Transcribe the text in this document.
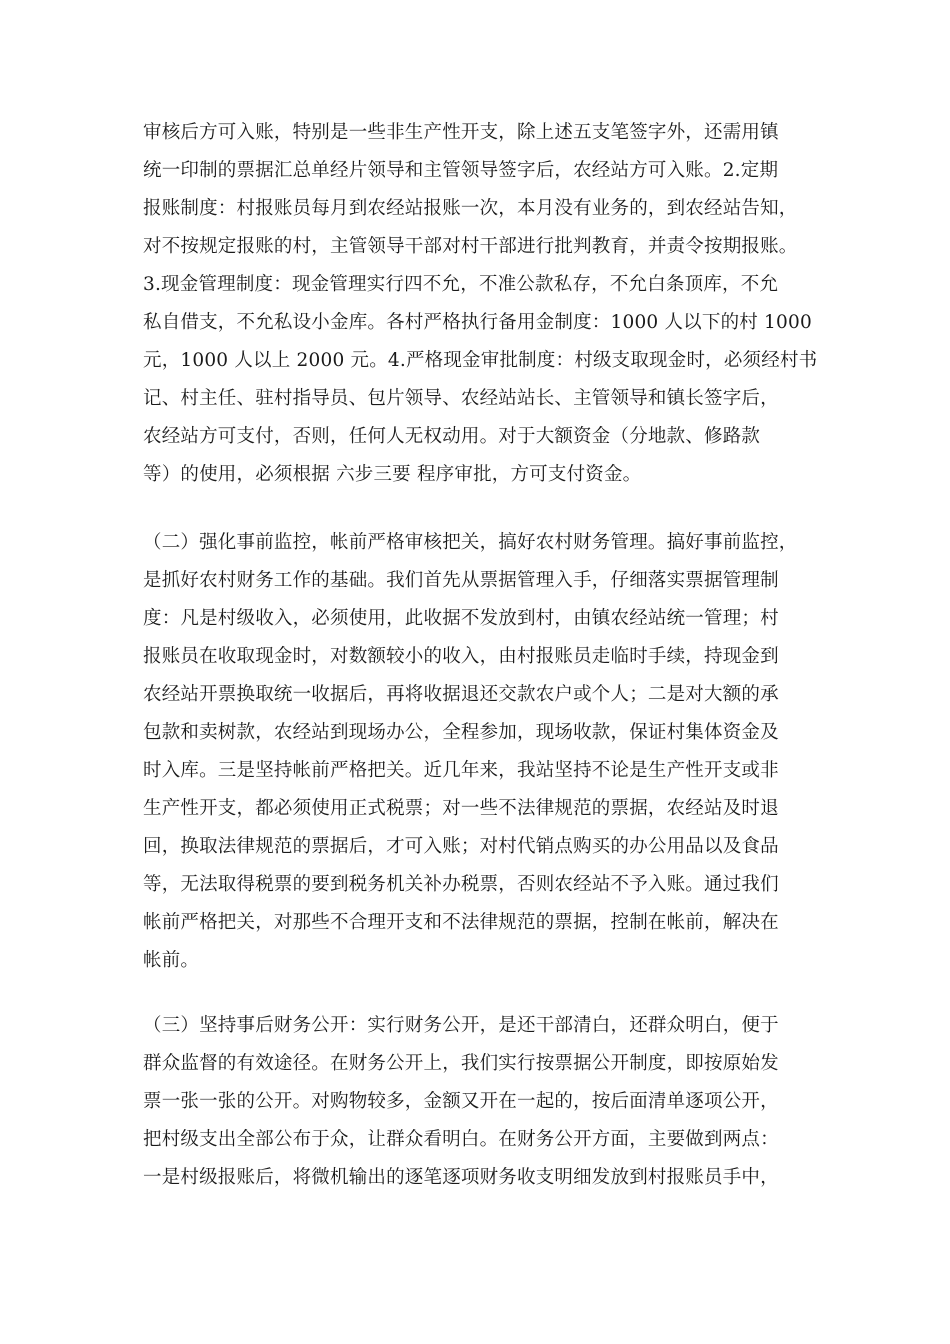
审核后方可入账，特别是一些非生产性开支，除上述五支笔签字外，还需用镇
统一印制的票据汇总单经片领导和主管领导签字后，农经站方可入账。2.定期
报账制度：村报账员每月到农经站报账一次，本月没有业务的，到农经站告知，
对不按规定报账的村，主管领导干部对村干部进行批判教育，并责令按期报账。
3.现金管理制度：现金管理实行四不允，不准公款私存，不允白条顶库，不允
私自借支，不允私设小金库。各村严格执行备用金制度：1000 人以下的村 1000
元，1000 人以上 2000 元。4.严格现金审批制度：村级支取现金时，必须经村书
记、村主任、驻村指导员、包片领导、农经站站长、主管领导和镇长签字后，
农经站方可支付，否则，任何人无权动用。对于大额资金（分地款、修路款
等）的使用，必须根据 六步三要 程序审批，方可支付资金。
（二）强化事前监控，帐前严格审核把关，搞好农村财务管理。搞好事前监控，
是抓好农村财务工作的基础。我们首先从票据管理入手，仔细落实票据管理制
度：凡是村级收入，必须使用，此收据不发放到村，由镇农经站统一管理；村
报账员在收取现金时，对数额较小的收入，由村报账员走临时手续，持现金到
农经站开票换取统一收据后，再将收据退还交款农户或个人；二是对大额的承
包款和卖树款，农经站到现场办公，全程参加，现场收款，保证村集体资金及
时入库。三是坚持帐前严格把关。近几年来，我站坚持不论是生产性开支或非
生产性开支，都必须使用正式税票；对一些不法律规范的票据，农经站及时退
回，换取法律规范的票据后，才可入账；对村代销点购买的办公用品以及食品
等，无法取得税票的要到税务机关补办税票，否则农经站不予入账。通过我们
帐前严格把关，对那些不合理开支和不法律规范的票据，控制在帐前，解决在
帐前。
（三）坚持事后财务公开：实行财务公开，是还干部清白，还群众明白，便于
群众监督的有效途径。在财务公开上，我们实行按票据公开制度，即按原始发
票一张一张的公开。对购物较多，金额又开在一起的，按后面清单逐项公开，
把村级支出全部公布于众，让群众看明白。在财务公开方面，主要做到两点：
一是村级报账后，将微机输出的逐笔逐项财务收支明细发放到村报账员手中，
